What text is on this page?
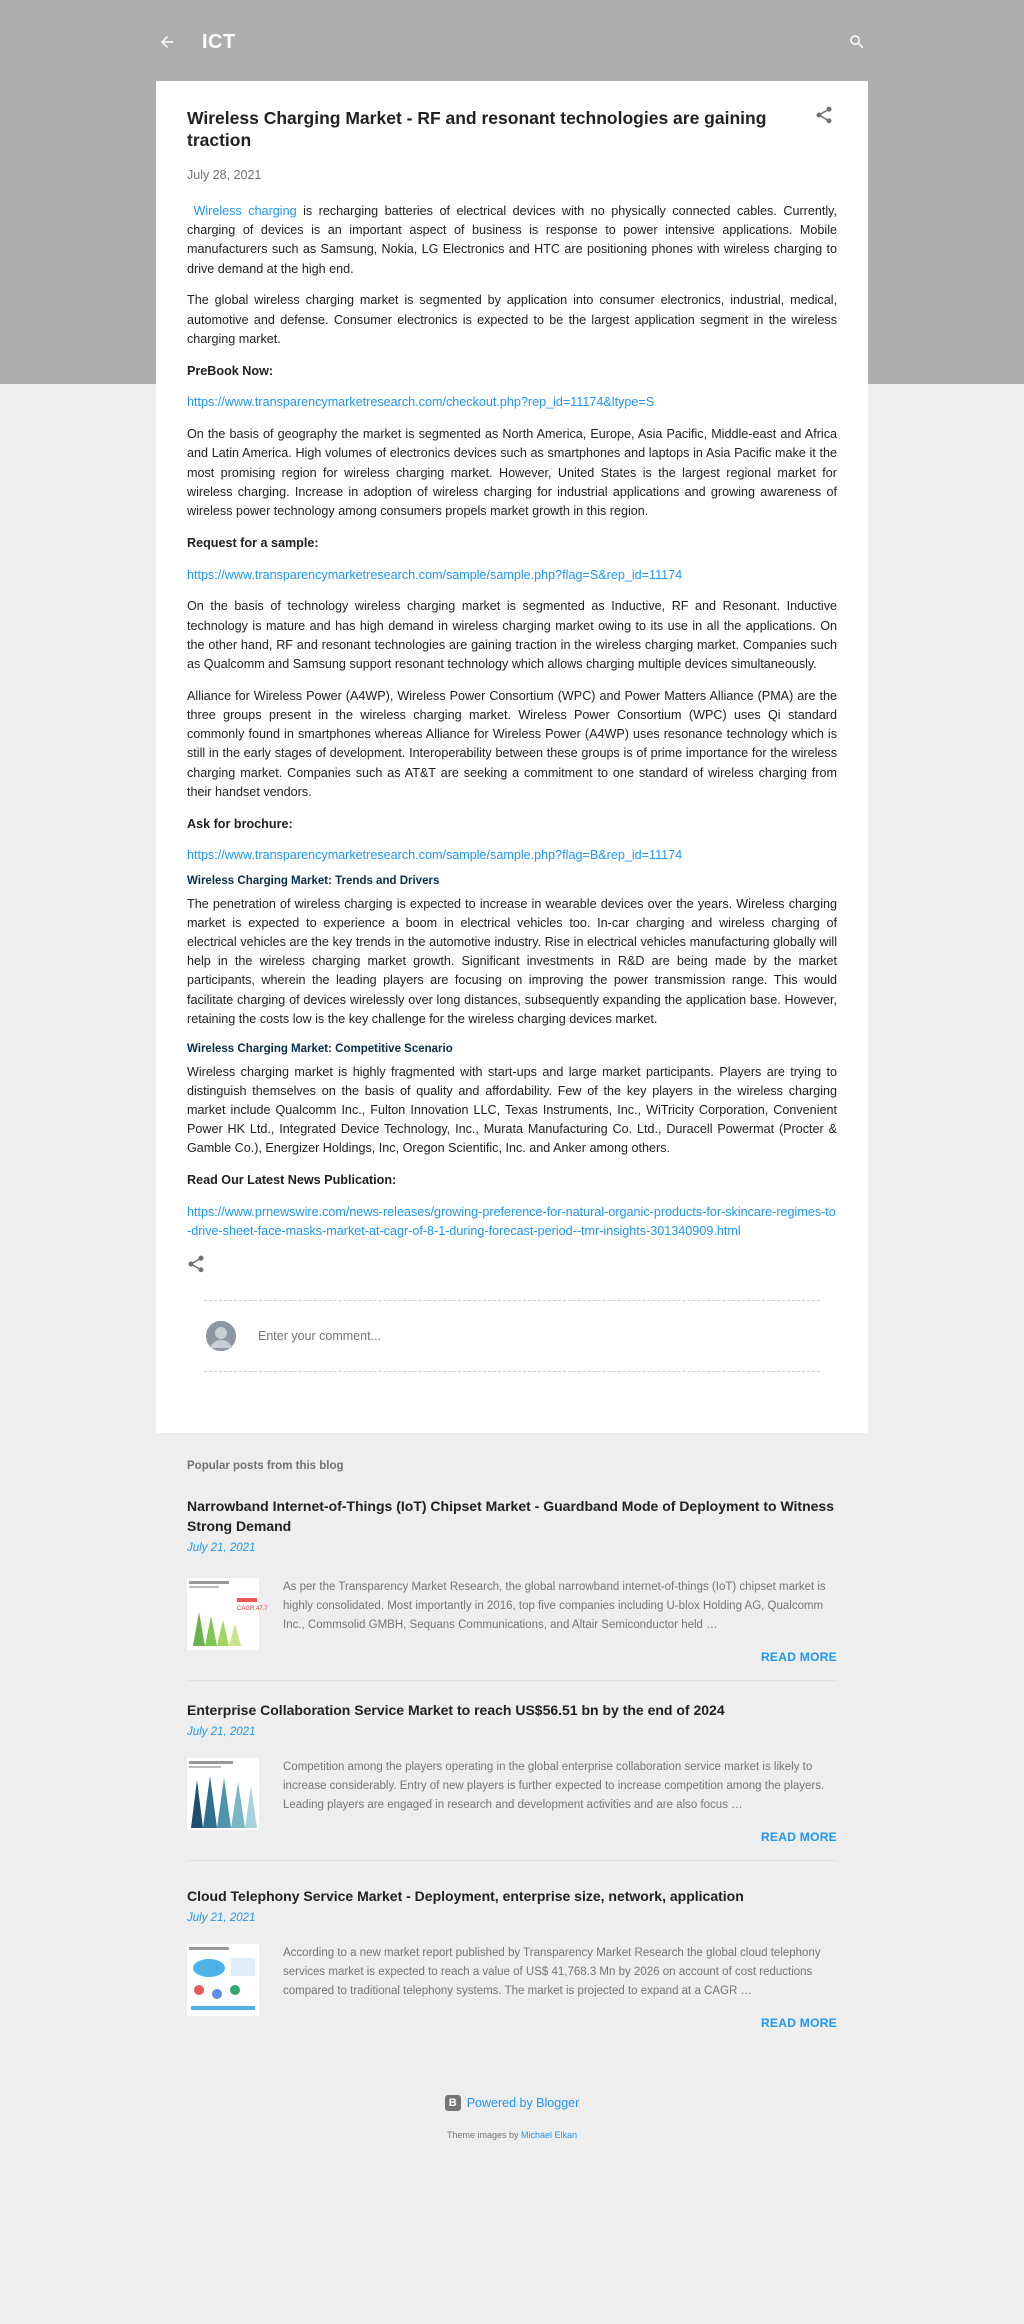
ICT
Wireless Charging Market - RF and resonant technologies are gaining traction
July 28, 2021

Wireless charging is recharging batteries of electrical devices with no physically connected cables. Currently, charging of devices is an important aspect of business is response to power intensive applications. Mobile manufacturers such as Samsung, Nokia, LG Electronics and HTC are positioning phones with wireless charging to drive demand at the high end.

The global wireless charging market is segmented by application into consumer electronics, industrial, medical, automotive and defense. Consumer electronics is expected to be the largest application segment in the wireless charging market.

PreBook Now:

https://www.transparencymarketresearch.com/checkout.php?rep_id=11174&ltype=S

On the basis of geography the market is segmented as North America, Europe, Asia Pacific, Middle-east and Africa and Latin America. High volumes of electronics devices such as smartphones and laptops in Asia Pacific make it the most promising region for wireless charging market. However, United States is the largest regional market for wireless charging. Increase in adoption of wireless charging for industrial applications and growing awareness of wireless power technology among consumers propels market growth in this region.

Request for a sample:

https://www.transparencymarketresearch.com/sample/sample.php?flag=S&rep_id=11174

On the basis of technology wireless charging market is segmented as Inductive, RF and Resonant. Inductive technology is mature and has high demand in wireless charging market owing to its use in all the applications. On the other hand, RF and resonant technologies are gaining traction in the wireless charging market. Companies such as Qualcomm and Samsung support resonant technology which allows charging multiple devices simultaneously.

Alliance for Wireless Power (A4WP), Wireless Power Consortium (WPC) and Power Matters Alliance (PMA) are the three groups present in the wireless charging market. Wireless Power Consortium (WPC) uses Qi standard commonly found in smartphones whereas Alliance for Wireless Power (A4WP) uses resonance technology which is still in the early stages of development. Interoperability between these groups is of prime importance for the wireless charging market. Companies such as AT&T are seeking a commitment to one standard of wireless charging from their handset vendors.

Ask for brochure:

https://www.transparencymarketresearch.com/sample/sample.php?flag=B&rep_id=11174

Wireless Charging Market: Trends and Drivers

The penetration of wireless charging is expected to increase in wearable devices over the years. Wireless charging market is expected to experience a boom in electrical vehicles too. In-car charging and wireless charging of electrical vehicles are the key trends in the automotive industry. Rise in electrical vehicles manufacturing globally will help in the wireless charging market growth. Significant investments in R&D are being made by the market participants, wherein the leading players are focusing on improving the power transmission range. This would facilitate charging of devices wirelessly over long distances, subsequently expanding the application base. However, retaining the costs low is the key challenge for the wireless charging devices market.

Wireless Charging Market: Competitive Scenario

Wireless charging market is highly fragmented with start-ups and large market participants. Players are trying to distinguish themselves on the basis of quality and affordability. Few of the key players in the wireless charging market include Qualcomm Inc., Fulton Innovation LLC, Texas Instruments, Inc., WiTricity Corporation, Convenient Power HK Ltd., Integrated Device Technology, Inc., Murata Manufacturing Co. Ltd., Duracell Powermat (Procter & Gamble Co.), Energizer Holdings, Inc, Oregon Scientific, Inc. and Anker among others.

Read Our Latest News Publication:

https://www.prnewswire.com/news-releases/growing-preference-for-natural-organic-products-for-skincare-regimes-to-drive-sheet-face-masks-market-at-cagr-of-8-1-during-forecast-period--tmr-insights-301340909.html

Enter your comment...
Popular posts from this blog
Narrowband Internet-of-Things (IoT) Chipset Market - Guardband Mode of Deployment to Witness Strong Demand
July 21, 2021
CAGR 47.7
As per the Transparency Market Research, the global narrowband internet-of-things (IoT) chipset market is highly consolidated. Most importantly in 2016, top five companies including U-blox Holding AG, Qualcomm Inc., Commsolid GMBH, Sequans Communications, and Altair Semiconductor held …
READ MORE
Enterprise Collaboration Service Market to reach US$56.51 bn by the end of 2024
July 21, 2021
Competition among the players operating in the global enterprise collaboration service market is likely to increase considerably. Entry of new players is further expected to increase competition among the players. Leading players are engaged in research and development activities and are also focus …
READ MORE
Cloud Telephony Service Market - Deployment, enterprise size, network, application
July 21, 2021
According to a new market report published by Transparency Market Research the global cloud telephony services market is expected to reach a value of US$ 41,768.3 Mn by 2026 on account of cost reductions compared to traditional telephony systems. The market is projected to expand at a CAGR …
READ MORE
B Powered by Blogger
Theme images by Michael Elkan
